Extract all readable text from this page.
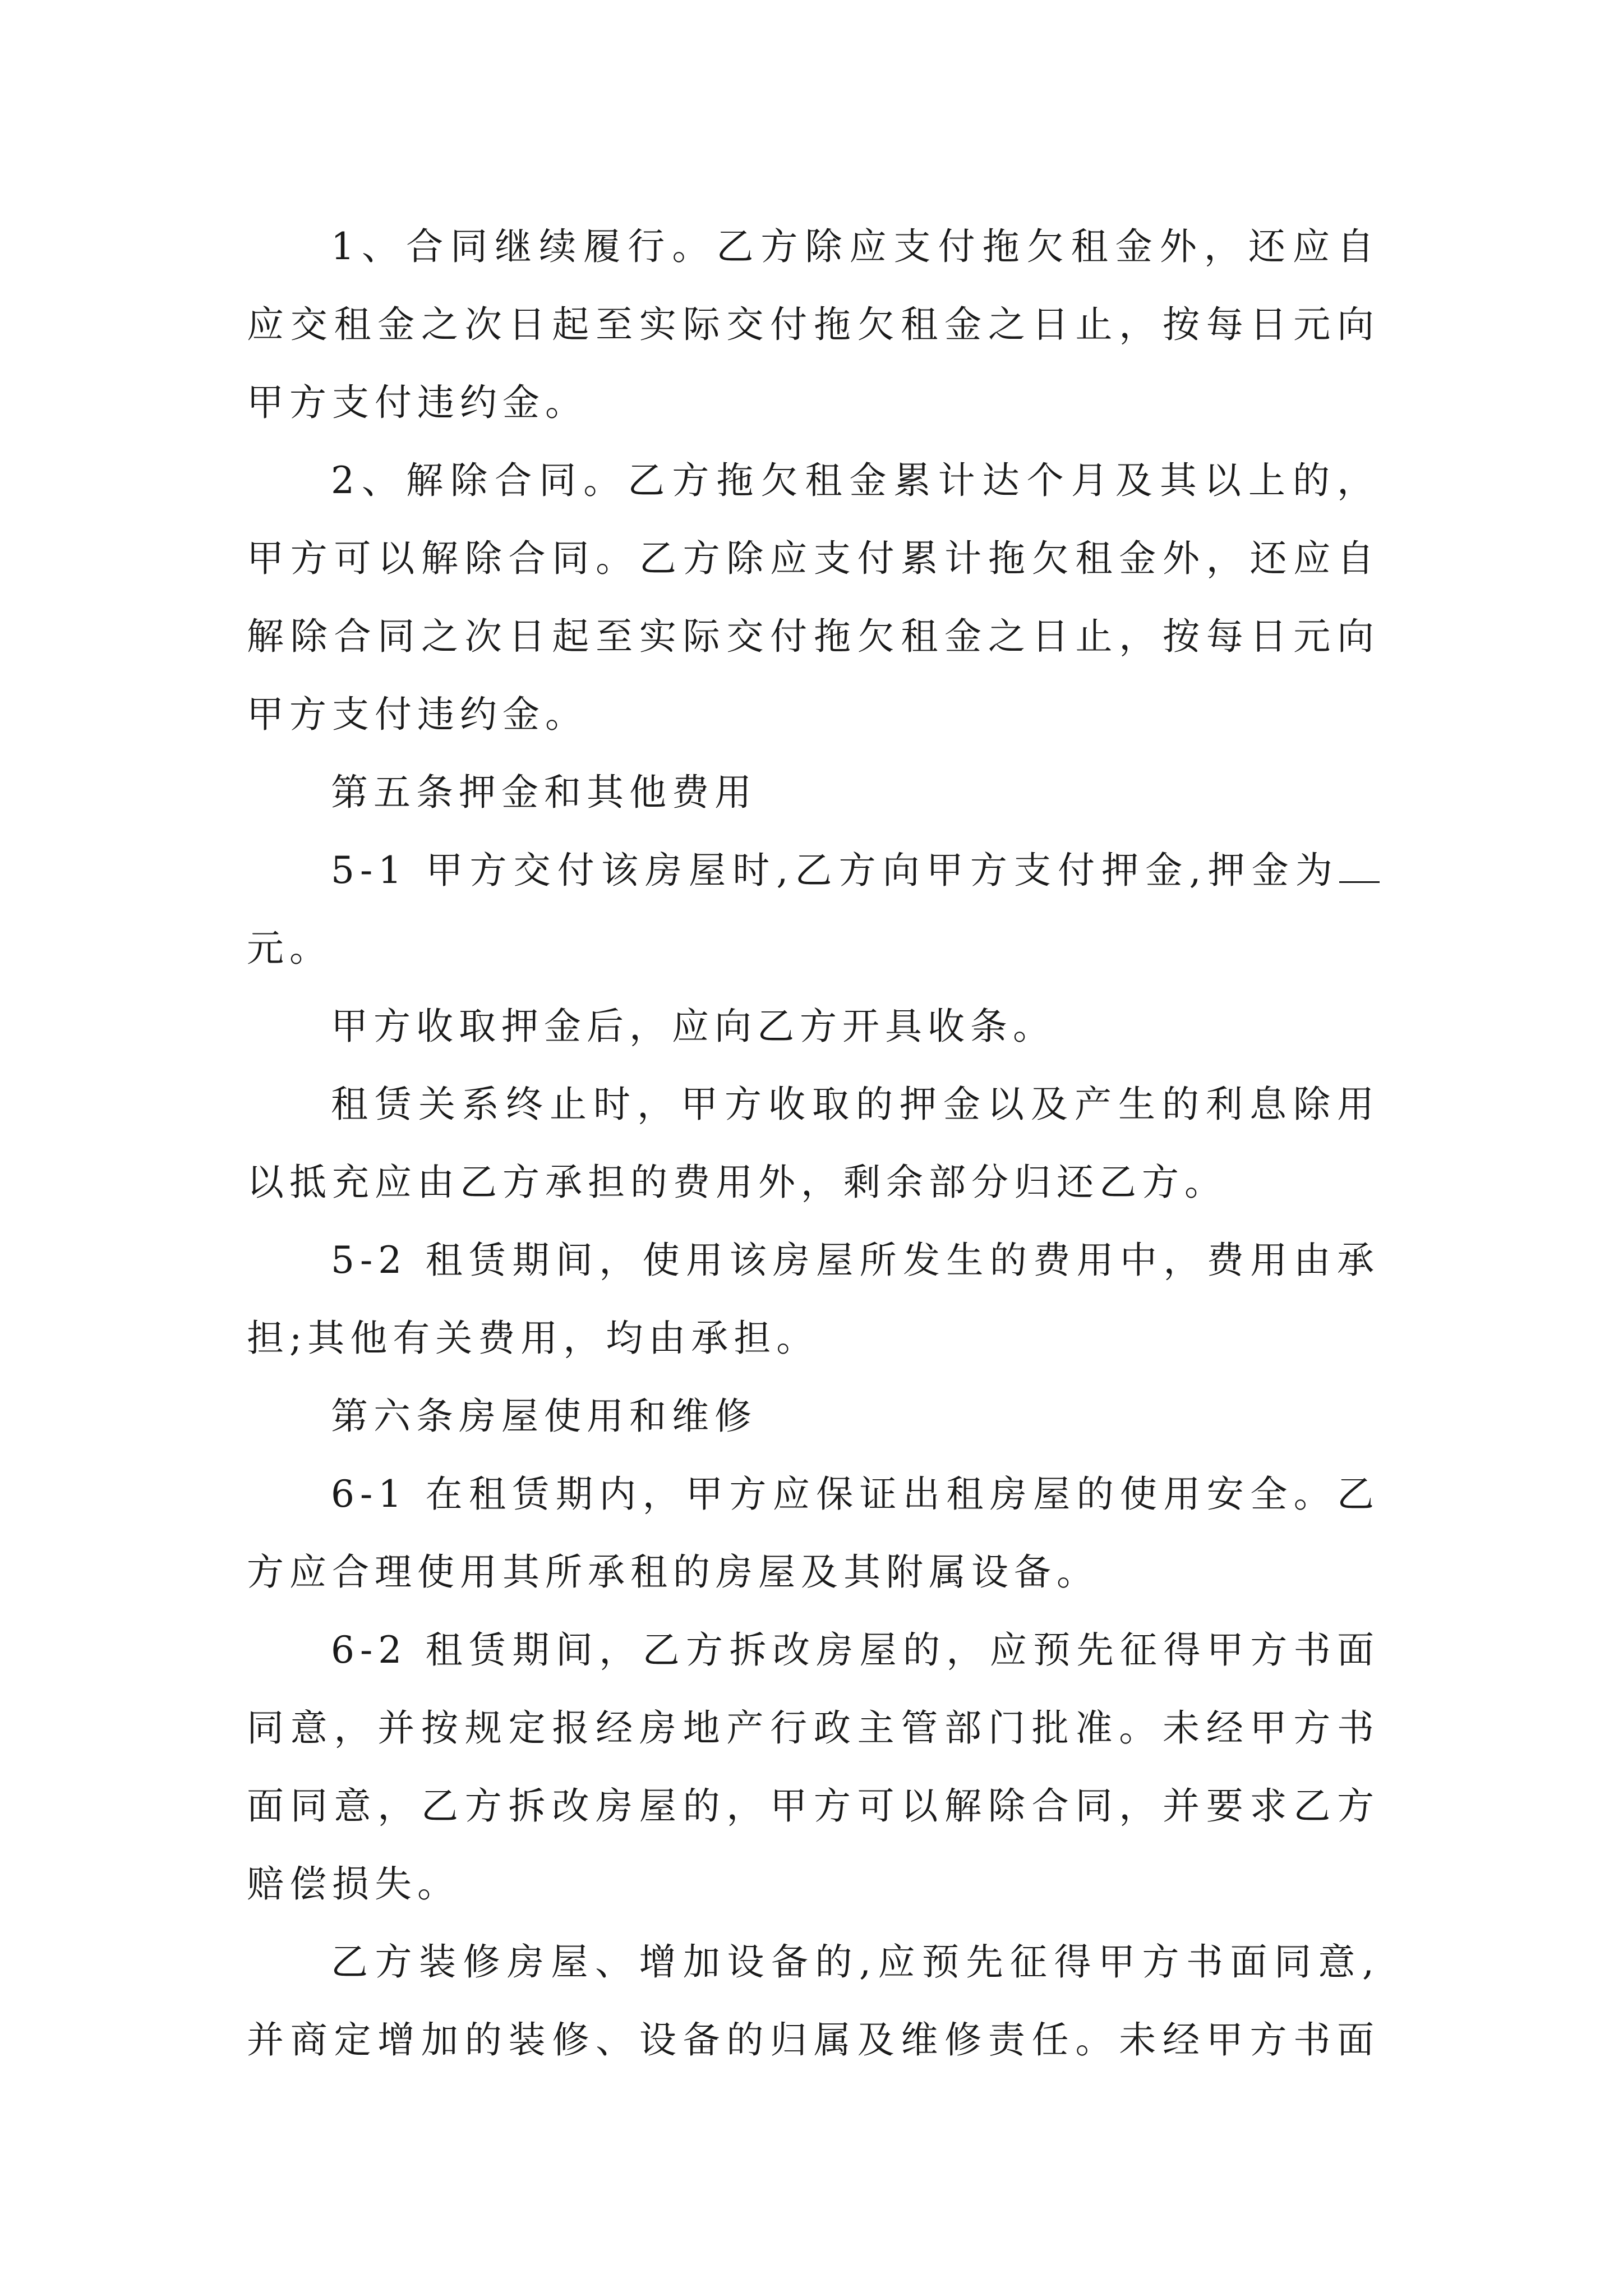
1、合同继续履行。乙方除应支付拖欠租金外，还应自
应交租金之次日起至实际交付拖欠租金之日止，按每日元向
甲方支付违约金。
2、解除合同。乙方拖欠租金累计达个月及其以上的，
甲方可以解除合同。乙方除应支付累计拖欠租金外，还应自
解除合同之次日起至实际交付拖欠租金之日止，按每日元向
甲方支付违约金。
第五条押金和其他费用
5-1 甲方交付该房屋时,乙方向甲方支付押金,押金为
元。
甲方收取押金后，应向乙方开具收条。
租赁关系终止时，甲方收取的押金以及产生的利息除用
以抵充应由乙方承担的费用外，剩余部分归还乙方。
5-2 租赁期间，使用该房屋所发生的费用中，费用由承
担;其他有关费用，均由承担。
第六条房屋使用和维修
6-1 在租赁期内，甲方应保证出租房屋的使用安全。乙
方应合理使用其所承租的房屋及其附属设备。
6-2 租赁期间，乙方拆改房屋的，应预先征得甲方书面
同意，并按规定报经房地产行政主管部门批准。未经甲方书
面同意，乙方拆改房屋的，甲方可以解除合同，并要求乙方
赔偿损失。
乙方装修房屋、增加设备的,应预先征得甲方书面同意,
并商定增加的装修、设备的归属及维修责任。未经甲方书面
